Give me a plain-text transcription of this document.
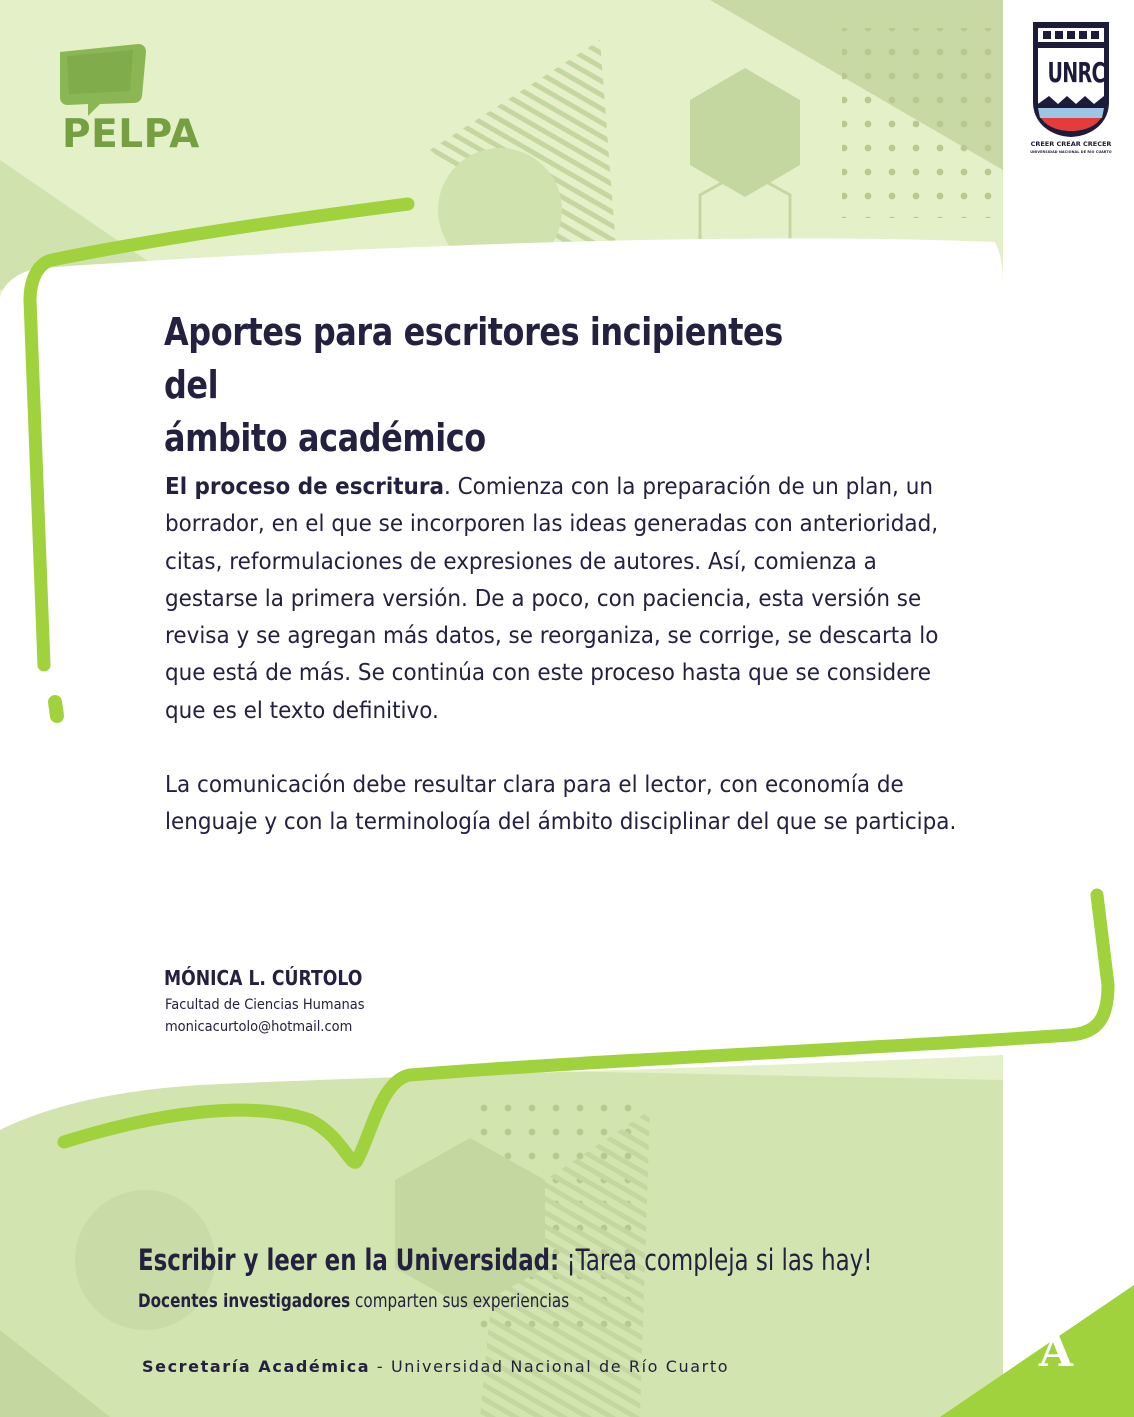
PELPA
UNRC
CREER CREAR CRECER
UNIVERSIDAD NACIONAL DE RÍO CUARTO
Aportes para escritores incipientes del
ámbito académico

El proceso de escritura. Comienza con la preparación de un plan, un borrador, en el que se incorporen las ideas generadas con anterioridad, citas, reformulaciones de expresiones de autores. Así, comienza a gestarse la primera versión. De a poco, con paciencia, esta versión se revisa y se agregan más datos, se reorganiza, se corrige, se descarta lo que está de más. Se continúa con este proceso hasta que se considere que es el texto definitivo.

La comunicación debe resultar clara para el lector, con economía de lenguaje y con la terminología del ámbito disciplinar del que se participa.

MÓNICA L. CÚRTOLO
Facultad de Ciencias Humanas
monicacurtolo@hotmail.com
Escribir y leer en la Universidad: ¡Tarea compleja si las hay!
Docentes investigadores comparten sus experiencias
Secretaría Académica - Universidad Nacional de Río Cuarto	A
